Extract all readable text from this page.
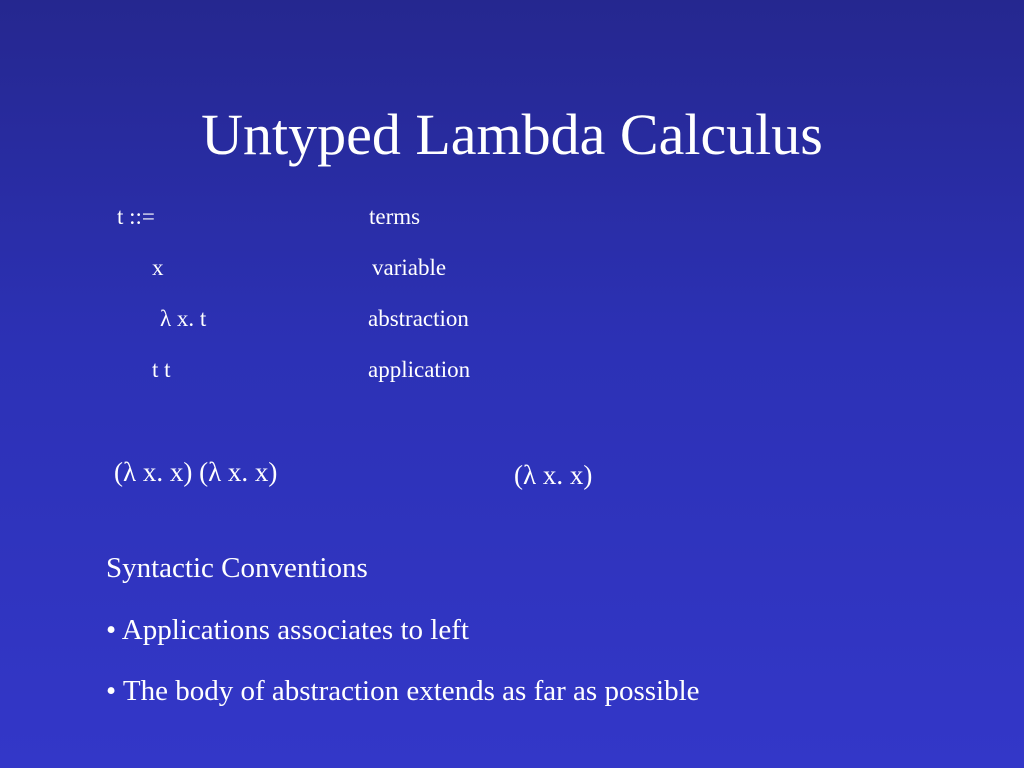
Untyped Lambda Calculus
t ::=	terms
x	variable
λ x. t	abstraction
t t	application
(λ x. x) (λ x. x)	(λ x. x)
Syntactic Conventions
• Applications associates to left
• The body of abstraction extends as far as possible
